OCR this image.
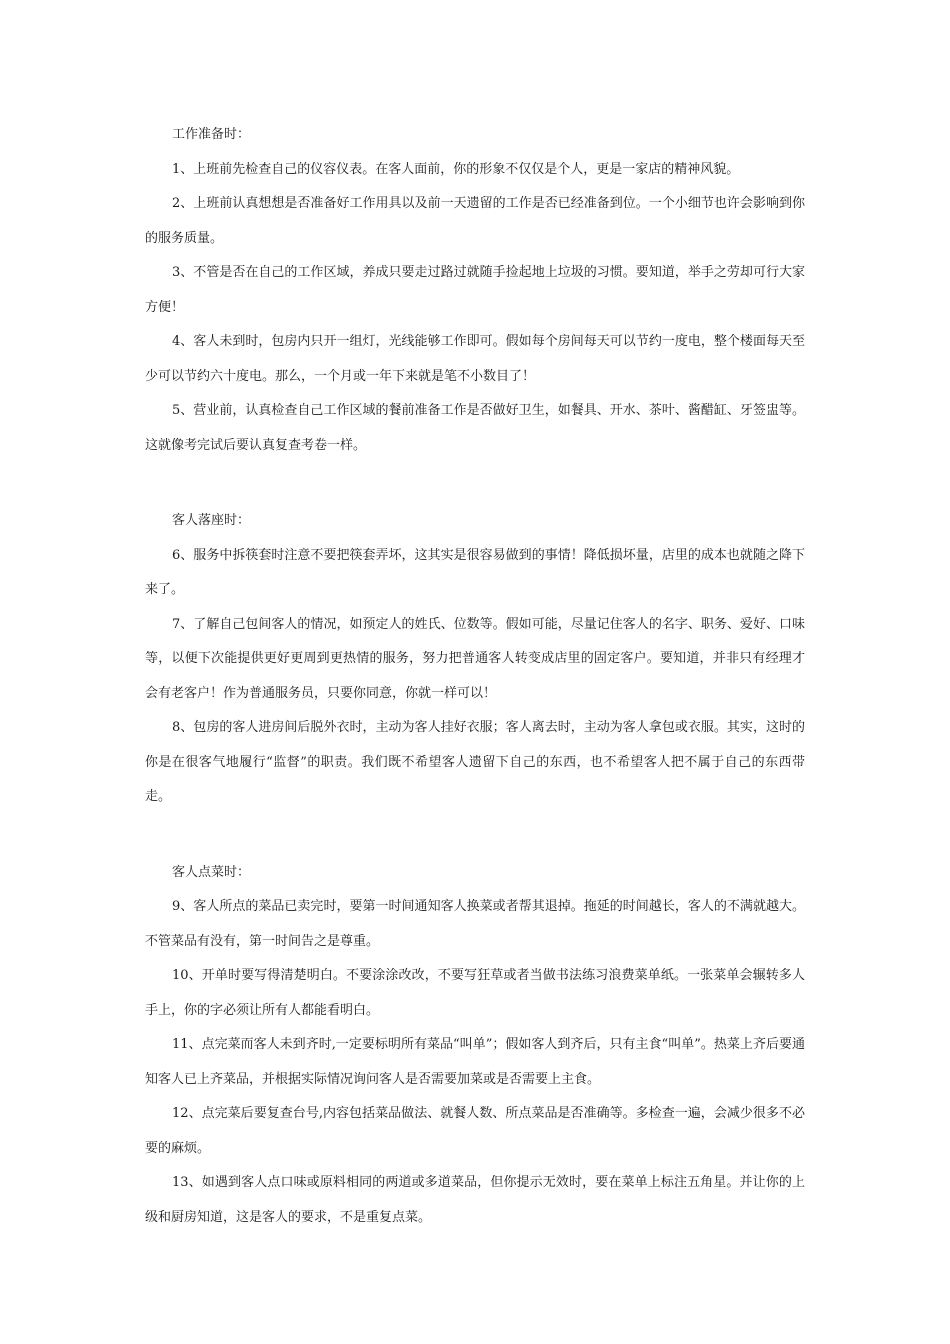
工作准备时：

1、上班前先检查自己的仪容仪表。在客人面前，你的形象不仅仅是个人，更是一家店的精神风貌。

2、上班前认真想想是否准备好工作用具以及前一天遗留的工作是否已经准备到位。一个小细节也许会影响到你的服务质量。

3、不管是否在自己的工作区域，养成只要走过路过就随手捡起地上垃圾的习惯。要知道，举手之劳却可行大家方便！

4、客人未到时，包房内只开一组灯，光线能够工作即可。假如每个房间每天可以节约一度电，整个楼面每天至少可以节约六十度电。那么，一个月或一年下来就是笔不小数目了！

5、营业前，认真检查自己工作区域的餐前准备工作是否做好卫生，如餐具、开水、茶叶、酱醋缸、牙签盅等。这就像考完试后要认真复查考卷一样。

客人落座时：

6、服务中拆筷套时注意不要把筷套弄坏，这其实是很容易做到的事情！降低损坏量，店里的成本也就随之降下来了。

7、了解自己包间客人的情况，如预定人的姓氏、位数等。假如可能，尽量记住客人的名字、职务、爱好、口味等，以便下次能提供更好更周到更热情的服务，努力把普通客人转变成店里的固定客户。要知道，并非只有经理才会有老客户！作为普通服务员，只要你同意，你就一样可以！

8、包房的客人进房间后脱外衣时，主动为客人挂好衣服；客人离去时，主动为客人拿包或衣服。其实，这时的你是在很客气地履行“监督”的职责。我们既不希望客人遗留下自己的东西，也不希望客人把不属于自己的东西带走。

客人点菜时：

9、客人所点的菜品已卖完时，要第一时间通知客人换菜或者帮其退掉。拖延的时间越长，客人的不满就越大。不管菜品有没有，第一时间告之是尊重。

10、开单时要写得清楚明白。不要涂涂改改，不要写狂草或者当做书法练习浪费菜单纸。一张菜单会辗转多人手上，你的字必须让所有人都能看明白。

11、点完菜而客人未到齐时,一定要标明所有菜品“叫单”；假如客人到齐后，只有主食“叫单”。热菜上齐后要通知客人已上齐菜品，并根据实际情况询问客人是否需要加菜或是否需要上主食。

12、点完菜后要复查台号,内容包括菜品做法、就餐人数、所点菜品是否准确等。多检查一遍，会减少很多不必要的麻烦。

13、如遇到客人点口味或原料相同的两道或多道菜品，但你提示无效时，要在菜单上标注五角星。并让你的上级和厨房知道，这是客人的要求，不是重复点菜。
